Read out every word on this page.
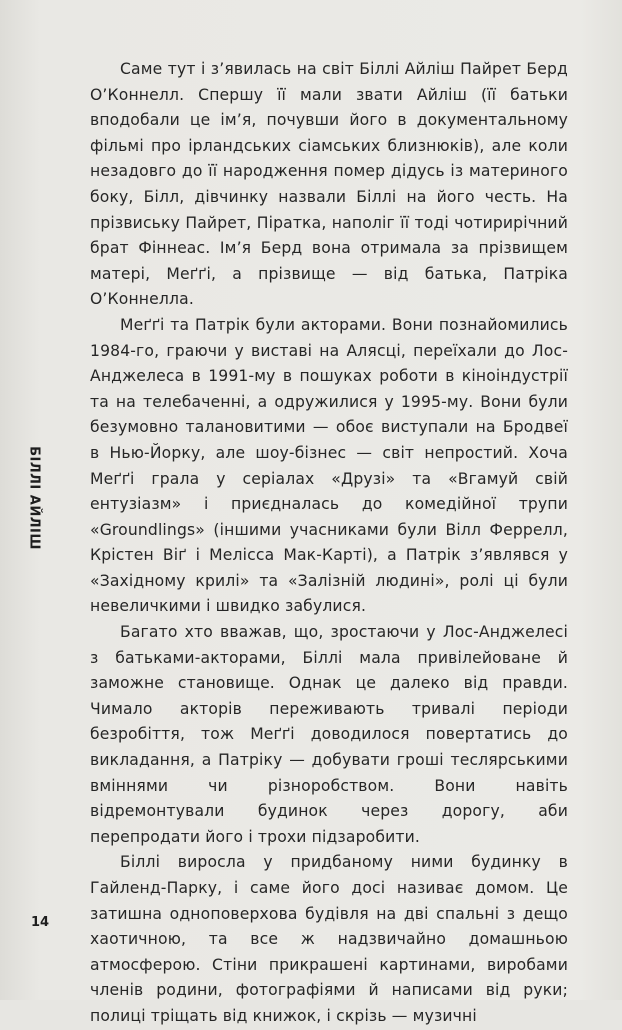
БІЛЛІ АЙЛІШ

Саме тут і з’явилась на світ Біллі Айліш Пайрет Берд О’Коннелл. Спершу її мали звати Айліш (її батьки вподобали це ім’я, почувши його в документальному фільмі про ірландських сіамських близнюків), але коли незадовго до її народження помер дідусь із материного боку, Білл, дівчинку назвали Біллі на його честь. На прізвиську Пайрет, Піратка, наполіг її тоді чотирирічний брат Фіннеас. Ім’я Берд вона отримала за прізвищем матері, Меґґі, а прізвище — від батька, Патріка О’Коннелла.

Меґґі та Патрік були акторами. Вони познайомились 1984-го, граючи у виставі на Алясці, переїхали до Лос-Анджелеса в 1991-му в пошуках роботи в кіноіндустрії та на телебаченні, а одружилися у 1995-му. Вони були безумовно талановитими — обоє виступали на Бродвеї в Нью-Йорку, але шоу-бізнес — світ непростий. Хоча Меґґі грала у серіалах «Друзі» та «Вгамуй свій ентузіазм» і приєдналась до комедійної трупи «Groundlings» (іншими учасниками були Вілл Феррелл, Крістен Віґ і Мелісса Мак-Карті), а Патрік з’являвся у «Західному крилі» та «Залізній людині», ролі ці були невеличкими і швидко забулися.

Багато хто вважав, що, зростаючи у Лос-Анджелесі з батьками-акторами, Біллі мала привілейоване й заможне становище. Однак це далеко від правди. Чимало акторів переживають тривалі періоди безробіття, тож Меґґі доводилося повертатись до викладання, а Патріку — добувати гроші теслярськими вміннями чи різноробством. Вони навіть відремонтували будинок через дорогу, аби перепродати його і трохи підзаробити.

Біллі виросла у придбаному ними будинку в Гайленд-Парку, і саме його досі називає домом. Це затишна одноповерхова будівля на дві спальні з дещо хаотичною, та все ж надзвичайно домашньою атмосферою. Стіни прикрашені картинами, виробами членів родини, фотографіями й написами від руки; полиці тріщать від книжок, і скрізь — музичні

14
